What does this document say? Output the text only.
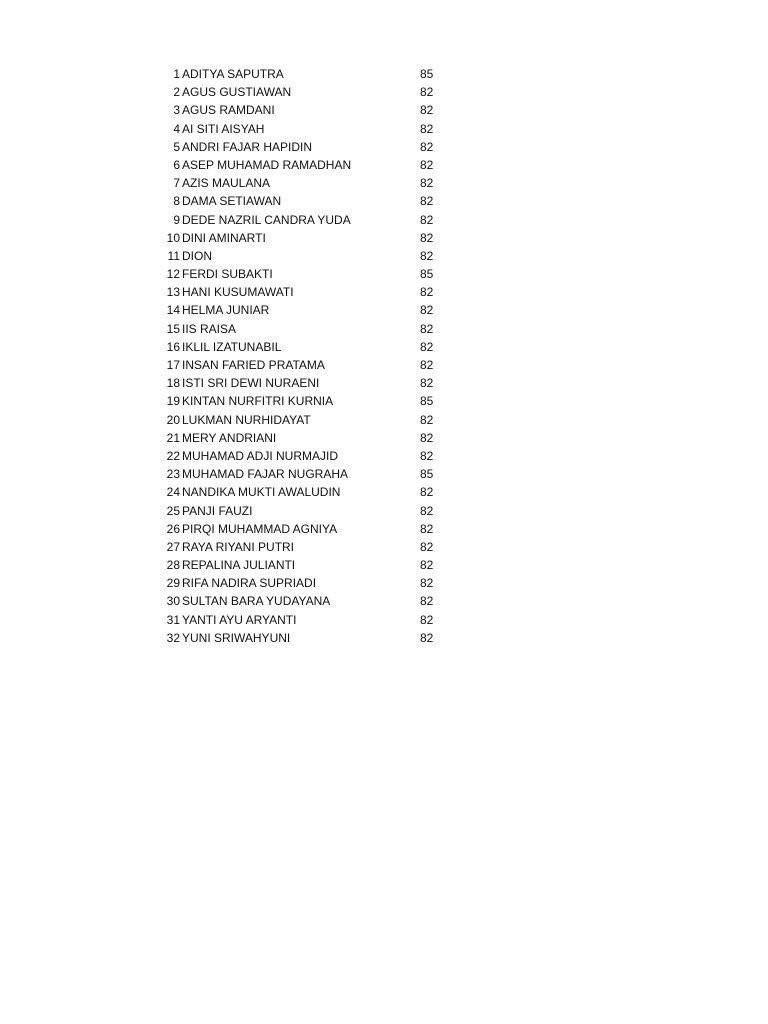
1 ADITYA SAPUTRA	85
2 AGUS GUSTIAWAN	82
3 AGUS RAMDANI	82
4 AI SITI AISYAH	82
5 ANDRI FAJAR HAPIDIN	82
6 ASEP MUHAMAD RAMADHAN	82
7 AZIS MAULANA	82
8 DAMA SETIAWAN	82
9 DEDE NAZRIL CANDRA YUDA	82
10 DINI AMINARTI	82
11 DION	82
12 FERDI SUBAKTI	85
13 HANI KUSUMAWATI	82
14 HELMA JUNIAR	82
15 IIS RAISA	82
16 IKLIL IZATUNABIL	82
17 INSAN FARIED PRATAMA	82
18 ISTI SRI DEWI NURAENI	82
19 KINTAN NURFITRI KURNIA	85
20 LUKMAN NURHIDAYAT	82
21 MERY ANDRIANI	82
22 MUHAMAD ADJI NURMAJID	82
23 MUHAMAD FAJAR NUGRAHA	85
24 NANDIKA MUKTI AWALUDIN	82
25 PANJI FAUZI	82
26 PIRQI MUHAMMAD AGNIYA	82
27 RAYA RIYANI PUTRI	82
28 REPALINA JULIANTI	82
29 RIFA NADIRA SUPRIADI	82
30 SULTAN BARA YUDAYANA	82
31 YANTI AYU ARYANTI	82
32 YUNI SRIWAHYUNI	82
